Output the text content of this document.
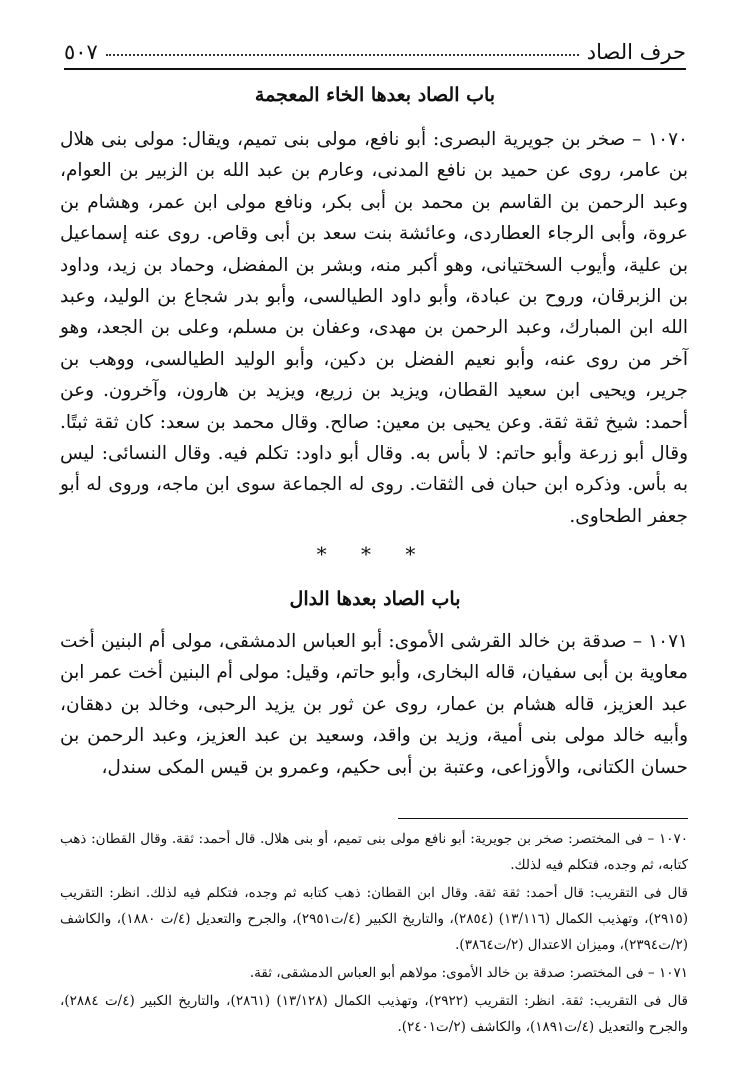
٥٠٧	حرف الصاد
باب الصاد بعدها الخاء المعجمة
١٠٧٠ – صخر بن جويرية البصرى: أبو نافع، مولى بنى تميم، ويقال: مولى بنى هلال بن عامر، روى عن حميد بن نافع المدنى، وعارم بن عبد الله بن الزبير بن العوام، وعبد الرحمن بن القاسم بن محمد بن أبى بكر، ونافع مولى ابن عمر، وهشام بن عروة، وأبى الرجاء العطاردى، وعائشة بنت سعد بن أبى وقاص. روى عنه إسماعيل بن علية، وأيوب السختيانى، وهو أكبر منه، وبشر بن المفضل، وحماد بن زيد، وداود بن الزبرقان، وروح بن عبادة، وأبو داود الطيالسى، وأبو بدر شجاع بن الوليد، وعبد الله ابن المبارك، وعبد الرحمن بن مهدى، وعفان بن مسلم، وعلى بن الجعد، وهو آخر من روى عنه، وأبو نعيم الفضل بن دكين، وأبو الوليد الطيالسى، ووهب بن جرير، ويحيى ابن سعيد القطان، ويزيد بن زريع، ويزيد بن هارون، وآخرون. وعن أحمد: شيخ ثقة ثقة. وعن يحيى بن معين: صالح. وقال محمد بن سعد: كان ثقة ثبتًا. وقال أبو زرعة وأبو حاتم: لا بأس به. وقال أبو داود: تكلم فيه. وقال النسائى: ليس به بأس. وذكره ابن حبان فى الثقات. روى له الجماعة سوى ابن ماجه، وروى له أبو جعفر الطحاوى.
* * *
باب الصاد بعدها الدال
١٠٧١ – صدقة بن خالد القرشى الأموى: أبو العباس الدمشقى، مولى أم البنين أخت معاوية بن أبى سفيان، قاله البخارى، وأبو حاتم، وقيل: مولى أم البنين أخت عمر ابن عبد العزيز، قاله هشام بن عمار، روى عن ثور بن يزيد الرحبى، وخالد بن دهقان، وأبيه خالد مولى بنى أمية، وزيد بن واقد، وسعيد بن عبد العزيز، وعبد الرحمن بن حسان الكتانى، والأوزاعى، وعتبة بن أبى حكيم، وعمرو بن قيس المكى سندل،

١٠٧٠ – فى المختصر: صخر بن جويرية: أبو نافع مولى بنى تميم، أو بنى هلال. قال أحمد: ثقة. وقال القطان: ذهب كتابه، ثم وجده، فتكلم فيه لذلك.

قال فى التقريب: قال أحمد: ثقة ثقة. وقال ابن القطان: ذهب كتابه ثم وجده، فتكلم فيه لذلك. انظر: التقريب (٢٩١٥)، وتهذيب الكمال (١٣/١١٦) (٢٨٥٤)، والتاريخ الكبير (٤/ت٢٩٥١)، والجرح والتعديل (٤/ت ١٨٨٠)، والكاشف (٢/ت٢٣٩٤)، وميزان الاعتدال (٢/ت٣٨٦٤).

١٠٧١ – فى المختصر: صدقة بن خالد الأموى: مولاهم أبو العباس الدمشقى، ثقة.

قال فى التقريب: ثقة. انظر: التقريب (٢٩٢٢)، وتهذيب الكمال (١٣/١٢٨) (٢٨٦١)، والتاريخ الكبير (٤/ت ٢٨٨٤)، والجرح والتعديل (٤/ت١٨٩١)، والكاشف (٢/ت٢٤٠١).
